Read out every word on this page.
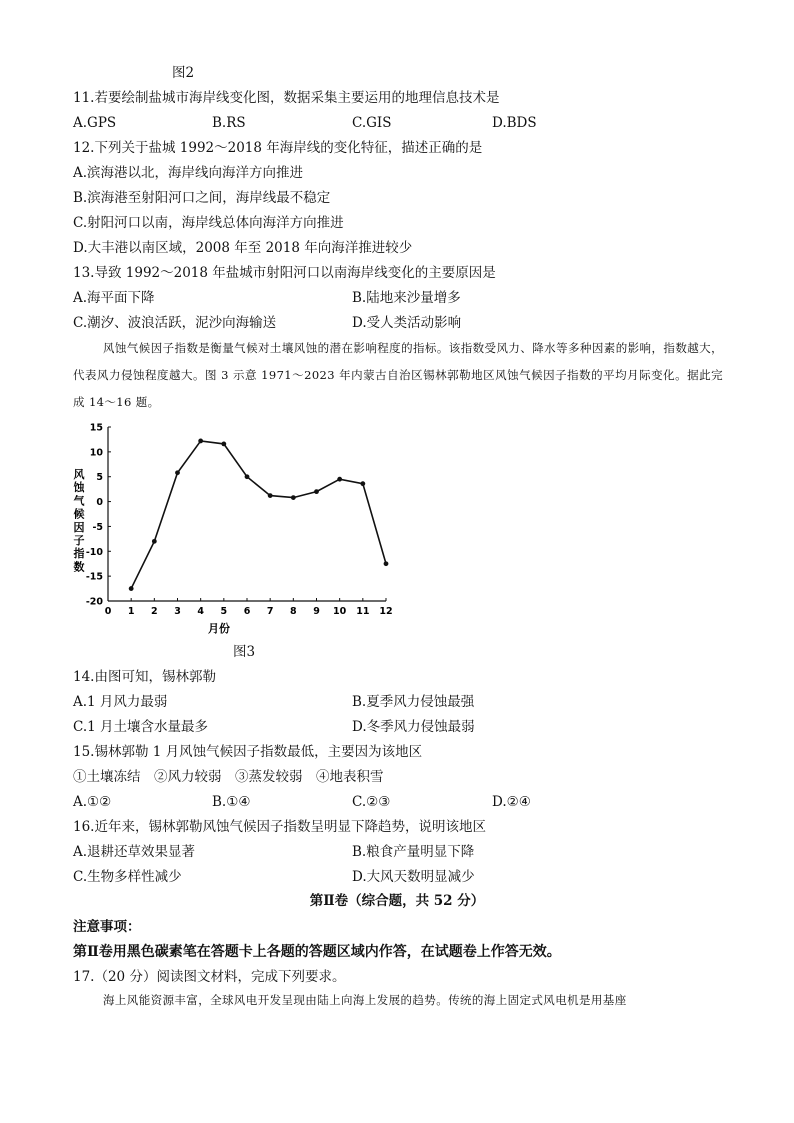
图2
11.若要绘制盐城市海岸线变化图，数据采集主要运用的地理信息技术是
A.GPS	B.RS	C.GIS	D.BDS
12.下列关于盐城 1992～2018 年海岸线的变化特征，描述正确的是
A.滨海港以北，海岸线向海洋方向推进
B.滨海港至射阳河口之间，海岸线最不稳定
C.射阳河口以南，海岸线总体向海洋方向推进
D.大丰港以南区域，2008 年至 2018 年向海洋推进较少
13.导致 1992～2018 年盐城市射阳河口以南海岸线变化的主要原因是
A.海平面下降	B.陆地来沙量增多
C.潮汐、波浪活跃，泥沙向海输送	D.受人类活动影响
风蚀气候因子指数是衡量气候对土壤风蚀的潜在影响程度的指标。该指数受风力、降水等多种因素的影响，指数越大，代表风力侵蚀程度越大。图 3 示意 1971～2023 年内蒙古自治区锡林郭勒地区风蚀气候因子指数的平均月际变化。据此完成 14～16 题。
15
10
5
0
-5
-10
-15
-20
0 1 2 3 4 5 6 7 8 9 10 11 12
月份
风
蚀
气
候
因
子
指
数
图3
14.由图可知，锡林郭勒
A.1 月风力最弱	B.夏季风力侵蚀最强
C.1 月土壤含水量最多	D.冬季风力侵蚀最弱
15.锡林郭勒 1 月风蚀气候因子指数最低，主要因为该地区
①土壤冻结　②风力较弱　③蒸发较弱　④地表积雪
A.①②	B.①④	C.②③	D.②④
16.近年来，锡林郭勒风蚀气候因子指数呈明显下降趋势，说明该地区
A.退耕还草效果显著	B.粮食产量明显下降
C.生物多样性减少	D.大风天数明显减少
第Ⅱ卷（综合题，共 52 分）
注意事项：
第Ⅱ卷用黑色碳素笔在答题卡上各题的答题区域内作答，在试题卷上作答无效。
17.（20 分）阅读图文材料，完成下列要求。
海上风能资源丰富，全球风电开发呈现由陆上向海上发展的趋势。传统的海上固定式风电机是用基座
